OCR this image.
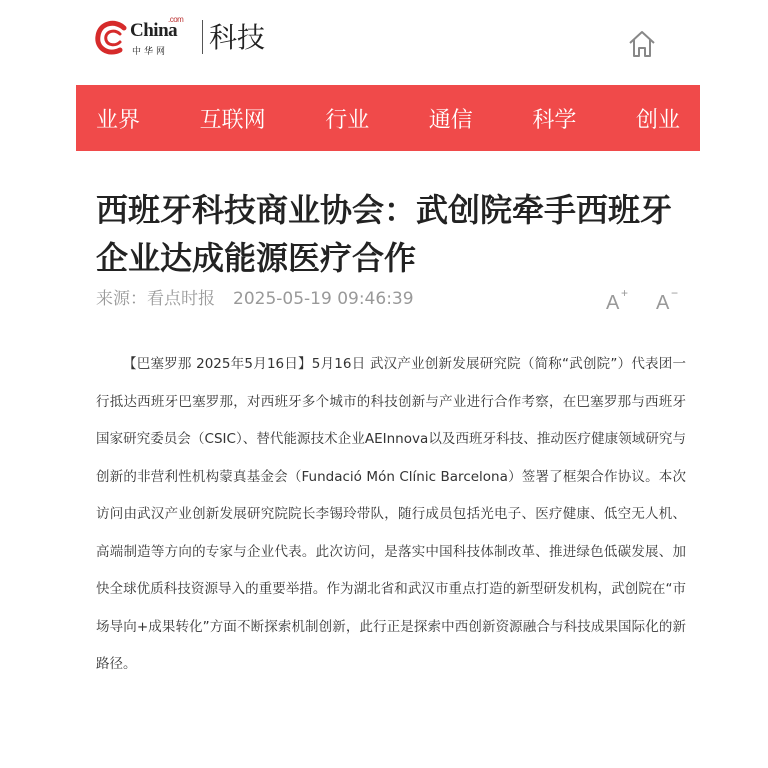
China
.com
中华网 科技
业界	互联网	行业	通信	科学	创业
西班牙科技商业协会：武创院牵手西班牙企业达成能源医疗合作
来源：看点时报 2025-05-19 09:46:39	A + A −

【巴塞罗那 2025年5月16日】5月16日 武汉产业创新发展研究院（简称“武创院”）代表团一行抵达西班牙巴塞罗那，对西班牙多个城市的科技创新与产业进行合作考察，在巴塞罗那与西班牙国家研究委员会（CSIC）、替代能源技术企业AEInnova以及西班牙科技、推动医疗健康领域研究与创新的非营利性机构蒙真基金会（Fundació Món Clínic Barcelona）签署了框架合作协议。本次访问由武汉产业创新发展研究院院长李锡玲带队，随行成员包括光电子、医疗健康、低空无人机、高端制造等方向的专家与企业代表。此次访问，是落实中国科技体制改革、推进绿色低碳发展、加快全球优质科技资源导入的重要举措。作为湖北省和武汉市重点打造的新型研发机构，武创院在“市场导向+成果转化”方面不断探索机制创新，此行正是探索中西创新资源融合与科技成果国际化的新路径。
